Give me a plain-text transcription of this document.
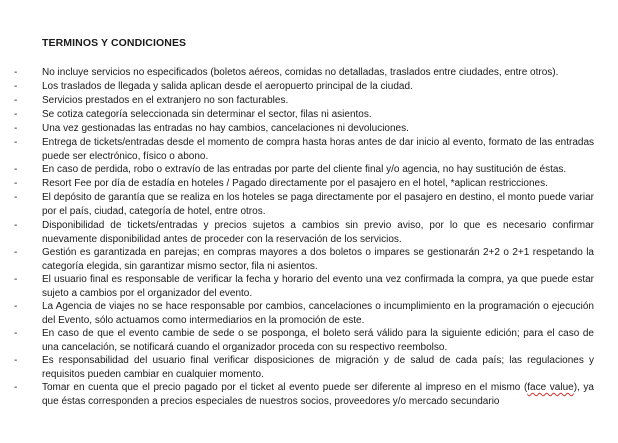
TERMINOS Y CONDICIONES
- No incluye servicios no especificados (boletos aéreos, comidas no detalladas, traslados entre ciudades, entre otros).
- Los traslados de llegada y salida aplican desde el aeropuerto principal de la ciudad.
- Servicios prestados en el extranjero no son facturables.
- Se cotiza categoría seleccionada sin determinar el sector, filas ni asientos.
- Una vez gestionadas las entradas no hay cambios, cancelaciones ni devoluciones.
- Entrega de tickets/entradas desde el momento de compra hasta horas antes de dar inicio al evento, formato de las entradas puede ser electrónico, físico o abono.
- En caso de perdida, robo o extravío de las entradas por parte del cliente final y/o agencia, no hay sustitución de éstas.
- Resort Fee por día de estadía en hoteles / Pagado directamente por el pasajero en el hotel, *aplican restricciones.
- El depósito de garantía que se realiza en los hoteles se paga directamente por el pasajero en destino, el monto puede variar por el país, ciudad, categoría de hotel, entre otros.
- Disponibilidad de tickets/entradas y precios sujetos a cambios sin previo aviso, por lo que es necesario confirmar nuevamente disponibilidad antes de proceder con la reservación de los servicios.
- Gestión es garantizada en parejas; en compras mayores a dos boletos o impares se gestionarán 2+2 o 2+1 respetando la categoría elegida, sin garantizar mismo sector, fila ni asientos.
- El usuario final es responsable de verificar la fecha y horario del evento una vez confirmada la compra, ya que puede estar sujeto a cambios por el organizador del evento.
- La Agencia de viajes no se hace responsable por cambios, cancelaciones o incumplimiento en la programación o ejecución del Evento, sólo actuamos como intermediarios en la promoción de este.
- En caso de que el evento cambie de sede o se posponga, el boleto será válido para la siguiente edición; para el caso de una cancelación, se notificará cuando el organizador proceda con su respectivo reembolso.
- Es responsabilidad del usuario final verificar disposiciones de migración y de salud de cada país; las regulaciones y requisitos pueden cambiar en cualquier momento.
- Tomar en cuenta que el precio pagado por el ticket al evento puede ser diferente al impreso en el mismo (face value), ya que éstas corresponden a precios especiales de nuestros socios, proveedores y/o mercado secundario
